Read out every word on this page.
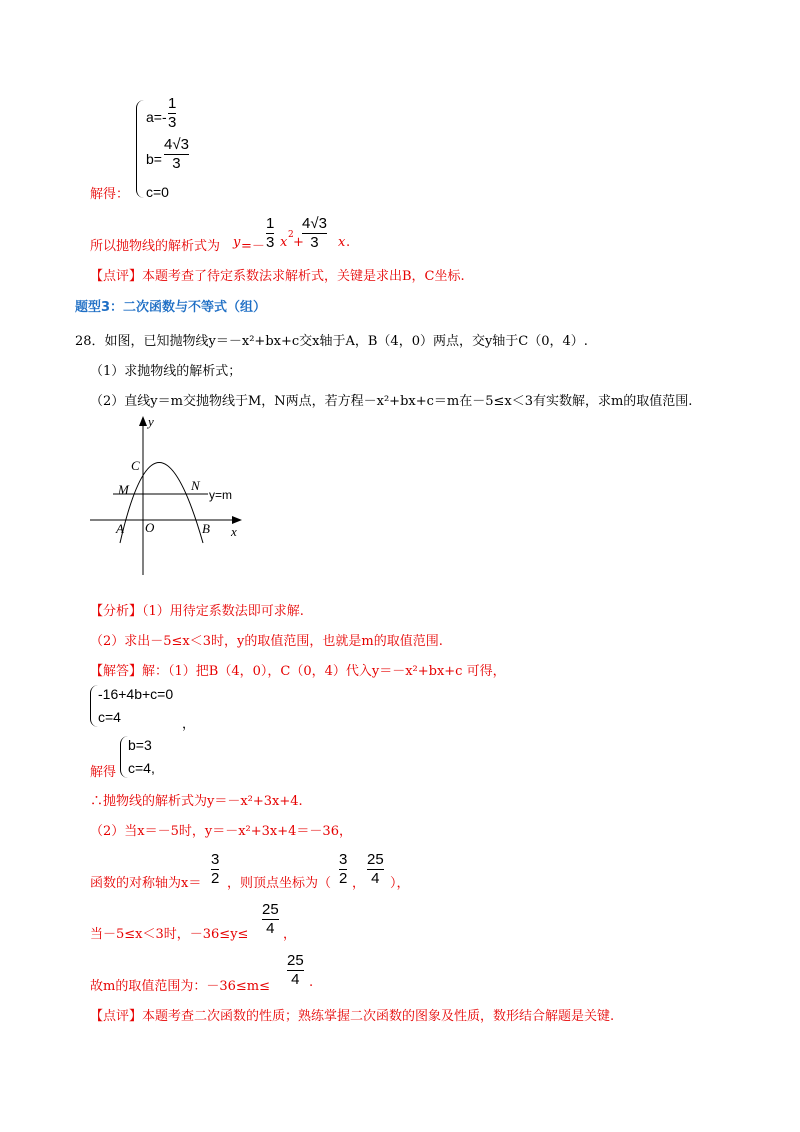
a=-
1
3
b=
4√3
3
c=0
解得：
所以抛物线的解析式为 y =－
1
3 x 2 +
4√3
3	x .
【点评】本题考查了待定系数法求解析式，关键是求出B，C坐标.
题型3：二次函数与不等式（组）
28．如图，已知抛物线y＝－x²+bx+c交x轴于A，B（4，0）两点，交y轴于C（0，4）.
（1）求抛物线的解析式；
（2）直线y＝m交抛物线于M，N两点，若方程－x²+bx+c＝m在－5≤x＜3有实数解，求m的取值范围.
y
x
C
M	N
y=m
A O	B
【分析】（1）用待定系数法即可求解.
（2）求出－5≤x＜3时，y的取值范围，也就是m的取值范围.
【解答】解：（1）把B（4，0），C（0，4）代入y＝－x²+bx+c 可得，
-16+4b+c=0
c=4	，
解得
b=3
c=4,
∴抛物线的解析式为y＝－x²+3x+4.
（2）当x＝－5时，y＝－x²+3x+4＝－36，
函数的对称轴为x＝
3
2 ，则顶点坐标为（
3
2 ，
25
4 ），
当－5≤x＜3时，－36≤y≤
25
4 ，
故m的取值范围为：－36≤m≤
25
4 .
【点评】本题考查二次函数的性质；熟练掌握二次函数的图象及性质，数形结合解题是关键.
